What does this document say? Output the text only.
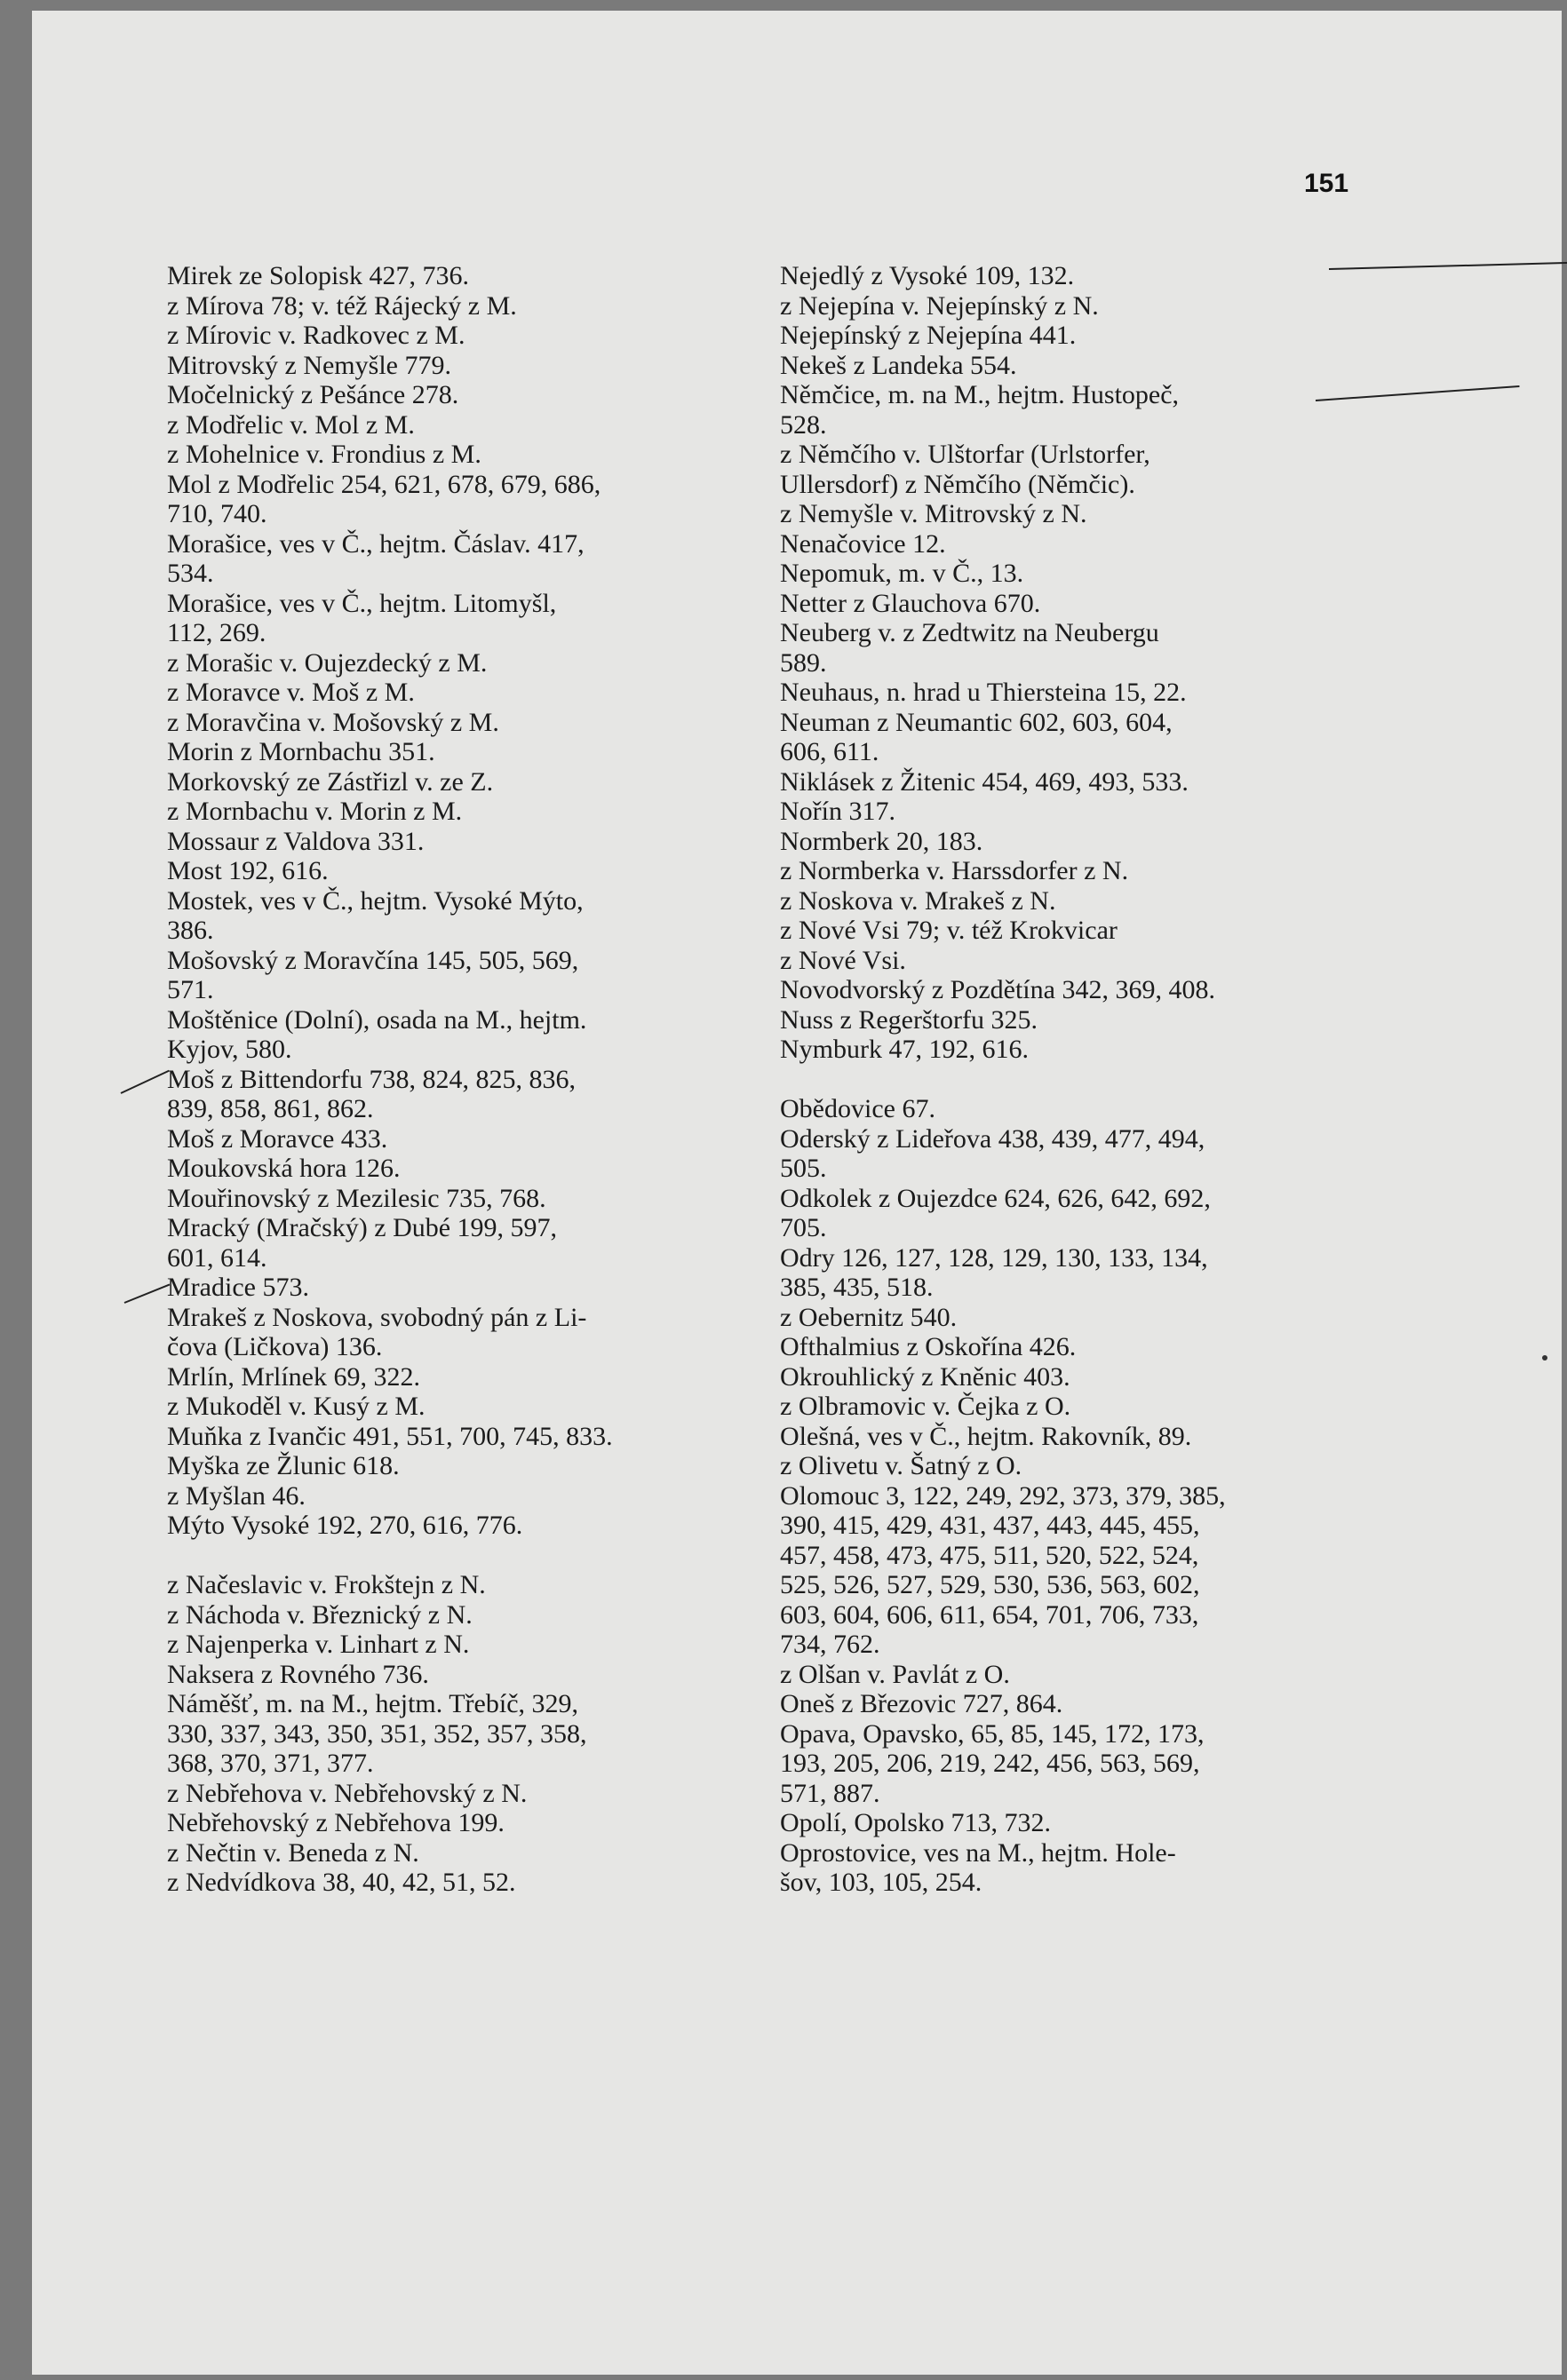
151
Mirek ze Solopisk 427, 736.
z Mírova 78; v. též Rájecký z M.
z Mírovic v. Radkovec z M.
Mitrovský z Nemyšle 779.
Močelnický z Pešánce 278.
z Modřelic v. Mol z M.
z Mohelnice v. Frondius z M.
Mol z Modřelic 254, 621, 678, 679, 686,
710, 740.
Morašice, ves v Č., hejtm. Čáslav. 417,
534.
Morašice, ves v Č., hejtm. Litomyšl,
112, 269.
z Morašic v. Oujezdecký z M.
z Moravce v. Moš z M.
z Moravčina v. Mošovský z M.
Morin z Mornbachu 351.
Morkovský ze Zástřizl v. ze Z.
z Mornbachu v. Morin z M.
Mossaur z Valdova 331.
Most 192, 616.
Mostek, ves v Č., hejtm. Vysoké Mýto,
386.
Mošovský z Moravčína 145, 505, 569,
571.
Moštěnice (Dolní), osada na M., hejtm.
Kyjov, 580.
Moš z Bittendorfu 738, 824, 825, 836,
839, 858, 861, 862.
Moš z Moravce 433.
Moukovská hora 126.
Mouřinovský z Mezilesic 735, 768.
Mracký (Mračský) z Dubé 199, 597,
601, 614.
Mradice 573.
Mrakeš z Noskova, svobodný pán z Li-
čova (Ličkova) 136.
Mrlín, Mrlínek 69, 322.
z Mukoděl v. Kusý z M.
Muňka z Ivančic 491, 551, 700, 745, 833.
Myška ze Žlunic 618.
z Myšlan 46.
Mýto Vysoké 192, 270, 616, 776.
z Načeslavic v. Frokštejn z N.
z Náchoda v. Březnický z N.
z Najenperka v. Linhart z N.
Naksera z Rovného 736.
Náměšť, m. na M., hejtm. Třebíč, 329,
330, 337, 343, 350, 351, 352, 357, 358,
368, 370, 371, 377.
z Nebřehova v. Nebřehovský z N.
Nebřehovský z Nebřehova 199.
z Nečtin v. Beneda z N.
z Nedvídkova 38, 40, 42, 51, 52.
Nejedlý z Vysoké 109, 132.
z Nejepína v. Nejepínský z N.
Nejepínský z Nejepína 441.
Nekeš z Landeka 554.
Němčice, m. na M., hejtm. Hustopeč,
528.
z Němčího v. Ulštorfar (Urlstorfer,
Ullersdorf) z Němčího (Němčic).
z Nemyšle v. Mitrovský z N.
Nenačovice 12.
Nepomuk, m. v Č., 13.
Netter z Glauchova 670.
Neuberg v. z Zedtwitz na Neubergu
589.
Neuhaus, n. hrad u Thiersteina 15, 22.
Neuman z Neumantic 602, 603, 604,
606, 611.
Niklásek z Žitenic 454, 469, 493, 533.
Nořín 317.
Normberk 20, 183.
z Normberka v. Harssdorfer z N.
z Noskova v. Mrakeš z N.
z Nové Vsi 79; v. též Krokvicar
z Nové Vsi.
Novodvorský z Pozdětína 342, 369, 408.
Nuss z Regerštorfu 325.
Nymburk 47, 192, 616.
Obědovice 67.
Oderský z Lideřova 438, 439, 477, 494,
505.
Odkolek z Oujezdce 624, 626, 642, 692,
705.
Odry 126, 127, 128, 129, 130, 133, 134,
385, 435, 518.
z Oebernitz 540.
Ofthalmius z Oskořína 426.
Okrouhlický z Kněnic 403.
z Olbramovic v. Čejka z O.
Olešná, ves v Č., hejtm. Rakovník, 89.
z Olivetu v. Šatný z O.
Olomouc 3, 122, 249, 292, 373, 379, 385,
390, 415, 429, 431, 437, 443, 445, 455,
457, 458, 473, 475, 511, 520, 522, 524,
525, 526, 527, 529, 530, 536, 563, 602,
603, 604, 606, 611, 654, 701, 706, 733,
734, 762.
z Olšan v. Pavlát z O.
Oneš z Březovic 727, 864.
Opava, Opavsko, 65, 85, 145, 172, 173,
193, 205, 206, 219, 242, 456, 563, 569,
571, 887.
Opolí, Opolsko 713, 732.
Oprostovice, ves na M., hejtm. Hole-
šov, 103, 105, 254.
